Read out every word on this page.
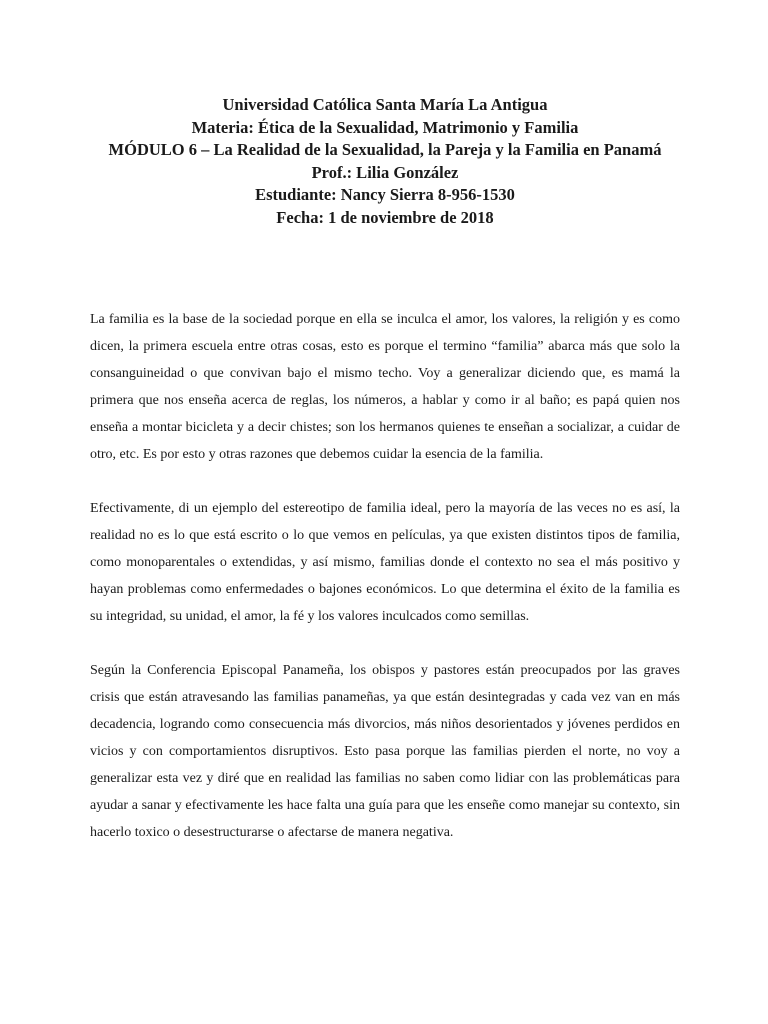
Universidad Católica Santa María La Antigua
Materia: Ética de la Sexualidad, Matrimonio y Familia
MÓDULO 6 – La Realidad de la Sexualidad, la Pareja y la Familia en Panamá
Prof.: Lilia González
Estudiante: Nancy Sierra 8-956-1530
Fecha: 1 de noviembre de 2018

La familia es la base de la sociedad porque en ella se inculca el amor, los valores, la religión y es como dicen, la primera escuela entre otras cosas, esto es porque el termino “familia” abarca más que solo la consanguineidad o que convivan bajo el mismo techo. Voy a generalizar diciendo que, es mamá la primera que nos enseña acerca de reglas, los números, a hablar y como ir al baño; es papá quien nos enseña a montar bicicleta y a decir chistes; son los hermanos quienes te enseñan a socializar, a cuidar de otro, etc. Es por esto y otras razones que debemos cuidar la esencia de la familia.

Efectivamente, di un ejemplo del estereotipo de familia ideal, pero la mayoría de las veces no es así, la realidad no es lo que está escrito o lo que vemos en películas, ya que existen distintos tipos de familia, como monoparentales o extendidas, y así mismo, familias donde el contexto no sea el más positivo y hayan problemas como enfermedades o bajones económicos. Lo que determina el éxito de la familia es su integridad, su unidad, el amor, la fé y los valores inculcados como semillas.

Según la Conferencia Episcopal Panameña, los obispos y pastores están preocupados por las graves crisis que están atravesando las familias panameñas, ya que están desintegradas y cada vez van en más decadencia, logrando como consecuencia más divorcios, más niños desorientados y jóvenes perdidos en vicios y con comportamientos disruptivos. Esto pasa porque las familias pierden el norte, no voy a generalizar esta vez y diré que en realidad las familias no saben como lidiar con las problemáticas para ayudar a sanar y efectivamente les hace falta una guía para que les enseñe como manejar su contexto, sin hacerlo toxico o desestructurarse o afectarse de manera negativa.
